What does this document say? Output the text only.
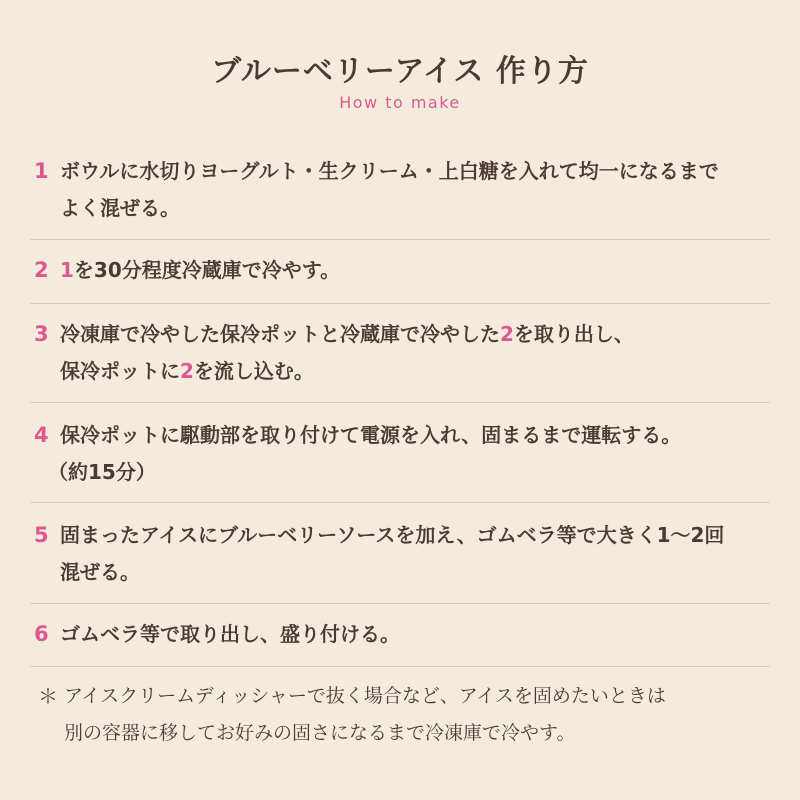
ブルーベリーアイス 作り方
How to make
1 ボウルに水切りヨーグルト・生クリーム・上白糖を入れて均一になるまで
よく混ぜる。
2 1を30分程度冷蔵庫で冷やす。
3 冷凍庫で冷やした保冷ポットと冷蔵庫で冷やした2を取り出し、
保冷ポットに2を流し込む。
4 保冷ポットに駆動部を取り付けて電源を入れ、固まるまで運転する。
（約15分）
5 固まったアイスにブルーベリーソースを加え、ゴムベラ等で大きく1〜2回
混ぜる。
6 ゴムベラ等で取り出し、盛り付ける。
＊ アイスクリームディッシャーで抜く場合など、アイスを固めたいときは
別の容器に移してお好みの固さになるまで冷凍庫で冷やす。
